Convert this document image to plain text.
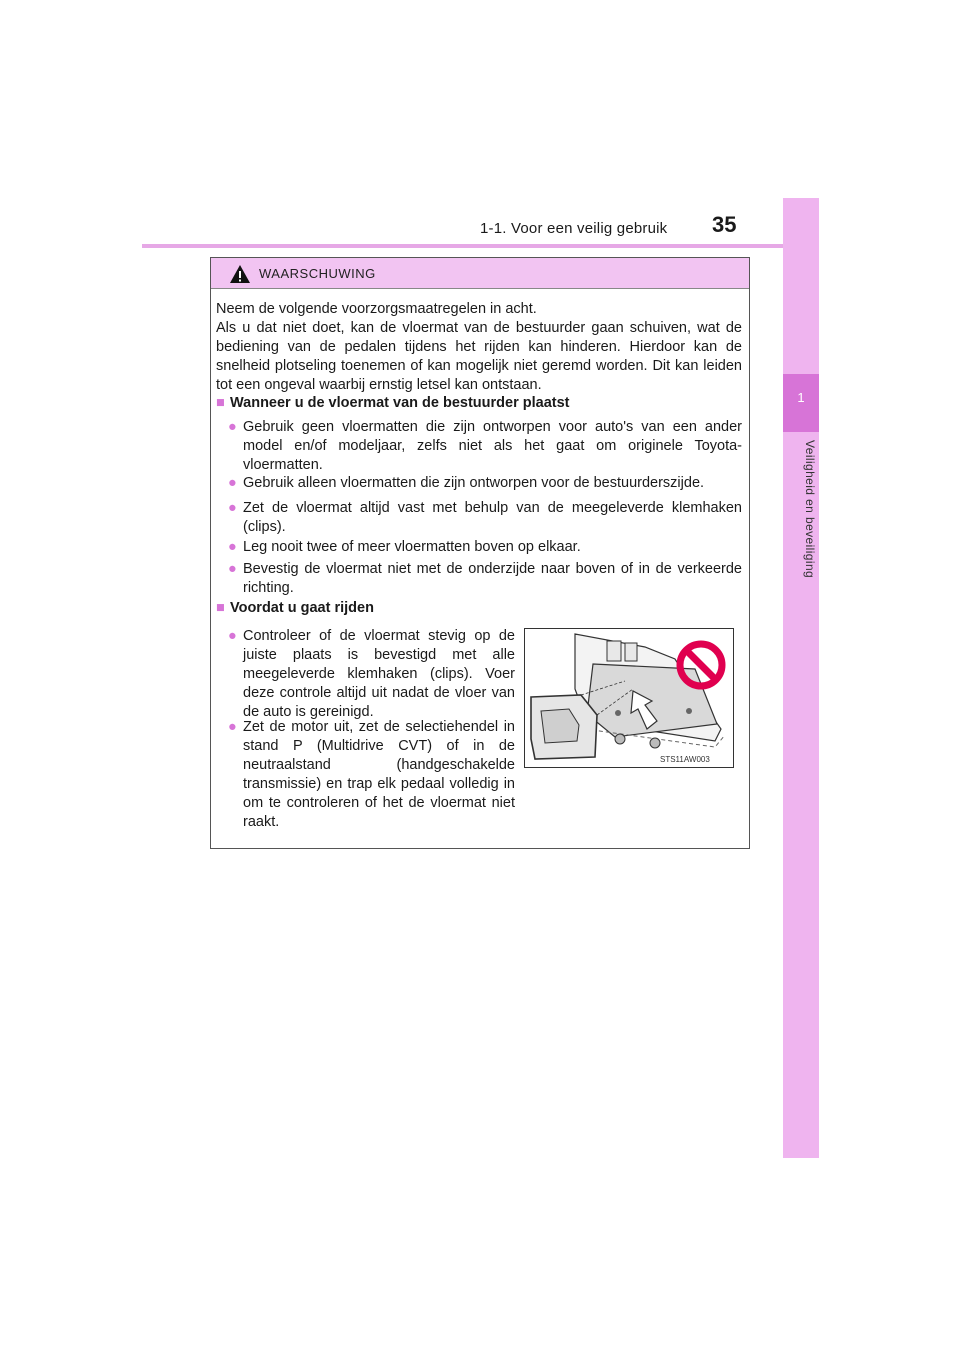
1-1. Voor een veilig gebruik 35
1
Veiligheid en beveiliging
WAARSCHUWING
Neem de volgende voorzorgsmaatregelen in acht.
Als u dat niet doet, kan de vloermat van de bestuurder gaan schuiven, wat de bediening van de pedalen tijdens het rijden kan hinderen. Hierdoor kan de snelheid plotseling toenemen of kan mogelijk niet geremd worden. Dit kan leiden tot een ongeval waarbij ernstig letsel kan ontstaan.
■ Wanneer u de vloermat van de bestuurder plaatst
● Gebruik geen vloermatten die zijn ontworpen voor auto's van een ander model en/of modeljaar, zelfs niet als het gaat om originele Toyota-vloermatten.
● Gebruik alleen vloermatten die zijn ontworpen voor de bestuurderszijde.
● Zet de vloermat altijd vast met behulp van de meegeleverde klemhaken (clips).
● Leg nooit twee of meer vloermatten boven op elkaar.
● Bevestig de vloermat niet met de onderzijde naar boven of in de verkeerde richting.
■ Voordat u gaat rijden
● Controleer of de vloermat stevig op de juiste plaats is bevestigd met alle meegeleverde klemhaken (clips). Voer deze controle altijd uit nadat de vloer van de auto is gereinigd.
● Zet de motor uit, zet de selectiehendel in stand P (Multidrive CVT) of in de neutraalstand (handgeschakelde transmissie) en trap elk pedaal volledig in om te controleren of het de vloermat niet raakt.
STS11AW003
